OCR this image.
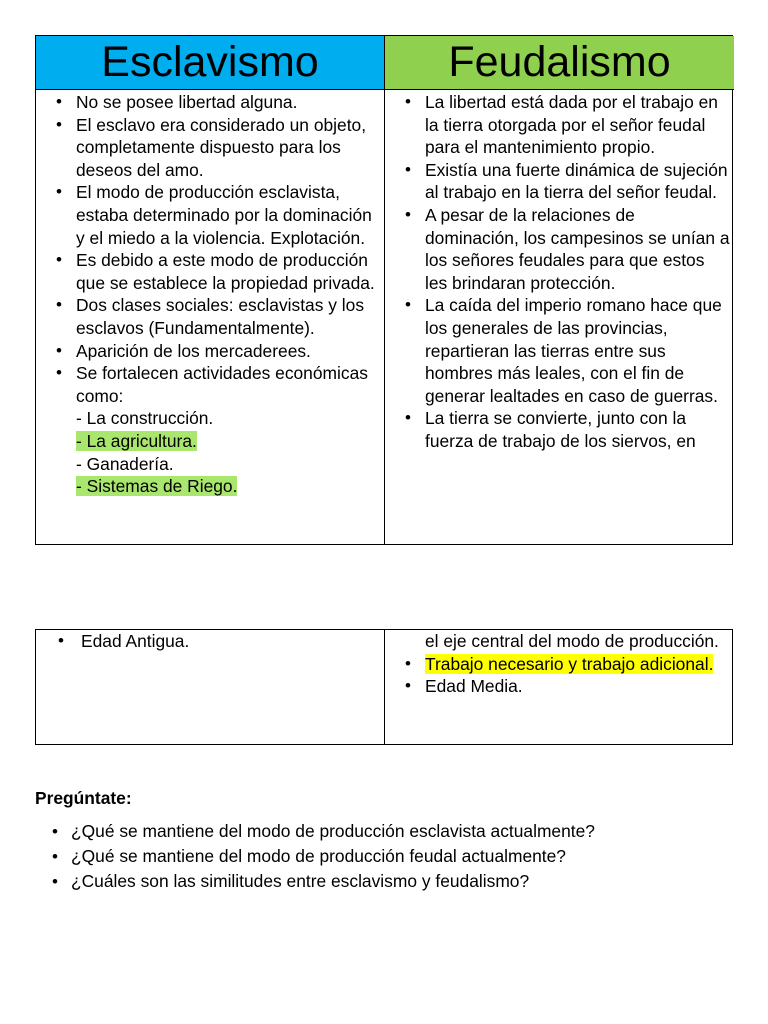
Esclavismo	Feudalismo
• No se posee libertad alguna.
• El esclavo era considerado un objeto, completamente dispuesto para los deseos del amo.
• El modo de producción esclavista, estaba determinado por la dominación y el miedo a la violencia. Explotación.
• Es debido a este modo de producción que se establece la propiedad privada.
• Dos clases sociales: esclavistas y los esclavos (Fundamentalmente).
• Aparición de los mercaderees.
• Se fortalecen actividades económicas como:
- La construcción.
- La agricultura.
- Ganadería.
- Sistemas de Riego.
• La libertad está dada por el trabajo en la tierra otorgada por el señor feudal para el mantenimiento propio.
• Existía una fuerte dinámica de sujeción al trabajo en la tierra del señor feudal.
• A pesar de la relaciones de dominación, los campesinos se unían a los señores feudales para que estos les brindaran protección.
• La caída del imperio romano hace que los generales de las provincias, repartieran las tierras entre sus hombres más leales, con el fin de generar lealtades en caso de guerras.
• La tierra se convierte, junto con la fuerza de trabajo de los siervos, en
• Edad Antigua.	el eje central del modo de producción.
• Trabajo necesario y trabajo adicional.
• Edad Media.
Pregúntate:
• ¿Qué se mantiene del modo de producción esclavista actualmente?
• ¿Qué se mantiene del modo de producción feudal actualmente?
• ¿Cuáles son las similitudes entre esclavismo y feudalismo?
